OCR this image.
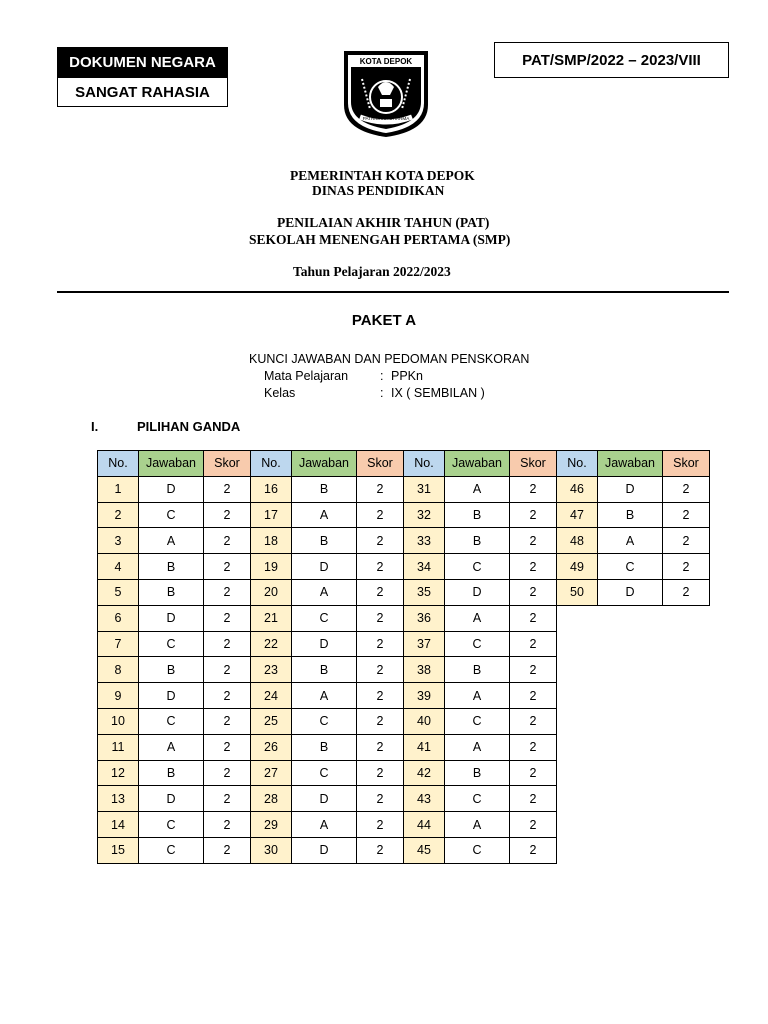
DOKUMEN NEGARA
SANGAT RAHASIA
KOTA DEPOK
PATRICARA DHARMA
PAT/SMP/2022 – 2023/VIII
PEMERINTAH KOTA DEPOK
DINAS PENDIDIKAN
PENILAIAN AKHIR TAHUN (PAT)
SEKOLAH MENENGAH PERTAMA (SMP)
Tahun Pelajaran 2022/2023
PAKET A
KUNCI JAWABAN DAN PEDOMAN PENSKORAN
Mata Pelajaran	: PPKn
Kelas	: IX ( SEMBILAN )
I.	PILIHAN GANDA
No.	Jawaban	Skor	No.	Jawaban	Skor	No.	Jawaban	Skor	No.	Jawaban	Skor
1	D	2	16	B	2	31	A	2	46	D	2
2	C	2	17	A	2	32	B	2	47	B	2
3	A	2	18	B	2	33	B	2	48	A	2
4	B	2	19	D	2	34	C	2	49	C	2
5	B	2	20	A	2	35	D	2	50	D	2
6	D	2	21	C	2	36	A	2			
7	C	2	22	D	2	37	C	2			
8	B	2	23	B	2	38	B	2			
9	D	2	24	A	2	39	A	2			
10	C	2	25	C	2	40	C	2			
11	A	2	26	B	2	41	A	2			
12	B	2	27	C	2	42	B	2			
13	D	2	28	D	2	43	C	2			
14	C	2	29	A	2	44	A	2			
15	C	2	30	D	2	45	C	2			
